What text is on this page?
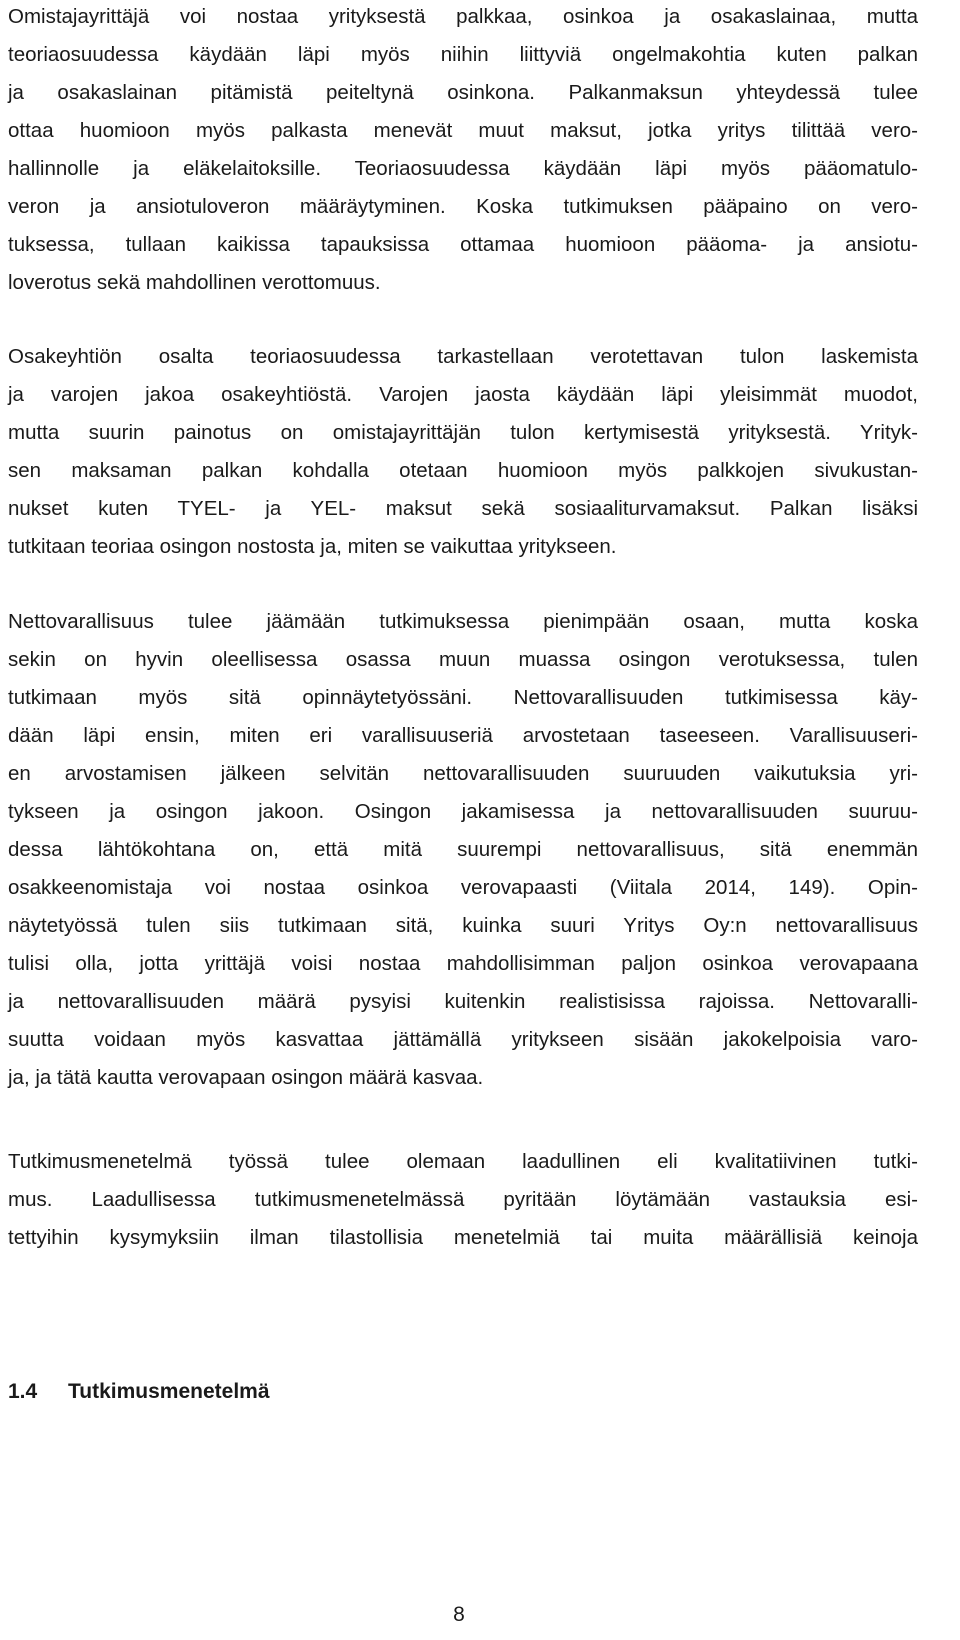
Omistajayrittäjä voi nostaa yrityksestä palkkaa, osinkoa ja osakaslainaa, mutta
teoriaosuudessa käydään läpi myös niihin liittyviä ongelmakohtia kuten palkan
ja osakaslainan pitämistä peiteltynä osinkona. Palkanmaksun yhteydessä tulee
ottaa huomioon myös palkasta menevät muut maksut, jotka yritys tilittää vero-
hallinnolle ja eläkelaitoksille. Teoriaosuudessa käydään läpi myös pääomatulo-
veron ja ansiotuloveron määräytyminen. Koska tutkimuksen pääpaino on vero-
tuksessa, tullaan kaikissa tapauksissa ottamaa huomioon pääoma- ja ansiotu-
loverotus sekä mahdollinen verottomuus.
Osakeyhtiön osalta teoriaosuudessa tarkastellaan verotettavan tulon laskemista
ja varojen jakoa osakeyhtiöstä. Varojen jaosta käydään läpi yleisimmät muodot,
mutta suurin painotus on omistajayrittäjän tulon kertymisestä yrityksestä. Yrityk-
sen maksaman palkan kohdalla otetaan huomioon myös palkkojen sivukustan-
nukset kuten TYEL- ja YEL- maksut sekä sosiaaliturvamaksut. Palkan lisäksi
tutkitaan teoriaa osingon nostosta ja, miten se vaikuttaa yritykseen.
Nettovarallisuus tulee jäämään tutkimuksessa pienimpään osaan, mutta koska
sekin on hyvin oleellisessa osassa muun muassa osingon verotuksessa, tulen
tutkimaan myös sitä opinnäytetyössäni. Nettovarallisuuden tutkimisessa käy-
dään läpi ensin, miten eri varallisuuseriä arvostetaan taseeseen. Varallisuuseri-
en arvostamisen jälkeen selvitän nettovarallisuuden suuruuden vaikutuksia yri-
tykseen ja osingon jakoon. Osingon jakamisessa ja nettovarallisuuden suuruu-
dessa lähtökohtana on, että mitä suurempi nettovarallisuus, sitä enemmän
osakkeenomistaja voi nostaa osinkoa verovapaasti (Viitala 2014, 149). Opin-
näytetyössä tulen siis tutkimaan sitä, kuinka suuri Yritys Oy:n nettovarallisuus
tulisi olla, jotta yrittäjä voisi nostaa mahdollisimman paljon osinkoa verovapaana
ja nettovarallisuuden määrä pysyisi kuitenkin realistisissa rajoissa. Nettovaralli-
suutta voidaan myös kasvattaa jättämällä yritykseen sisään jakokelpoisia varo-
ja, ja tätä kautta verovapaan osingon määrä kasvaa.
1.4 Tutkimusmenetelmä
Tutkimusmenetelmä työssä tulee olemaan laadullinen eli kvalitatiivinen tutki-
mus. Laadullisessa tutkimusmenetelmässä pyritään löytämään vastauksia esi-
tettyihin kysymyksiin ilman tilastollisia menetelmiä tai muita määrällisiä keinoja
8
